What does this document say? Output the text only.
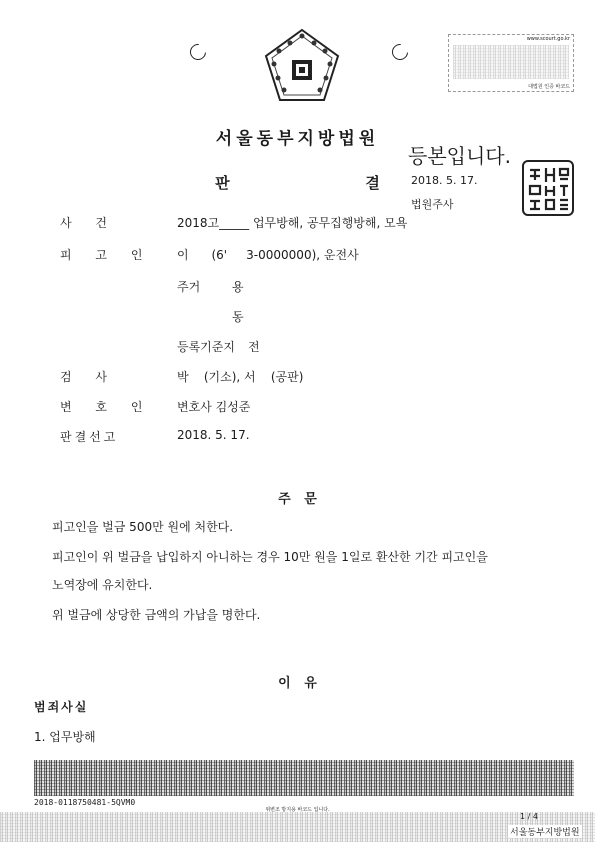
www.scourt.go.kr
대법원 인증 바코드
서울동부지방법원
등본입니다.
2018. 5. 17.
법원주사
판   결
사 건	2018고_____ 업무방해, 공무집행방해, 모욕
피 고 인 이      (6'     3-0000000), 운전사
주거	용
동
등록기준지 전
검 사	박    (기소), 서    (공판)
변 호 인 변호사 김성준
판결선고	2018. 5. 17.
주   문
피고인을 벌금 500만 원에 처한다.
피고인이 위 벌금을 납입하지 아니하는 경우 10만 원을 1일로 환산한 기간 피고인을
노역장에 유치한다.
위 벌금에 상당한 금액의 가납을 명한다.
이   유
범죄사실
1. 업무방해
2018-0118750481-5QVM0
위변조 방지용 바코드 입니다.
1 / 4
서울동부지방법원
